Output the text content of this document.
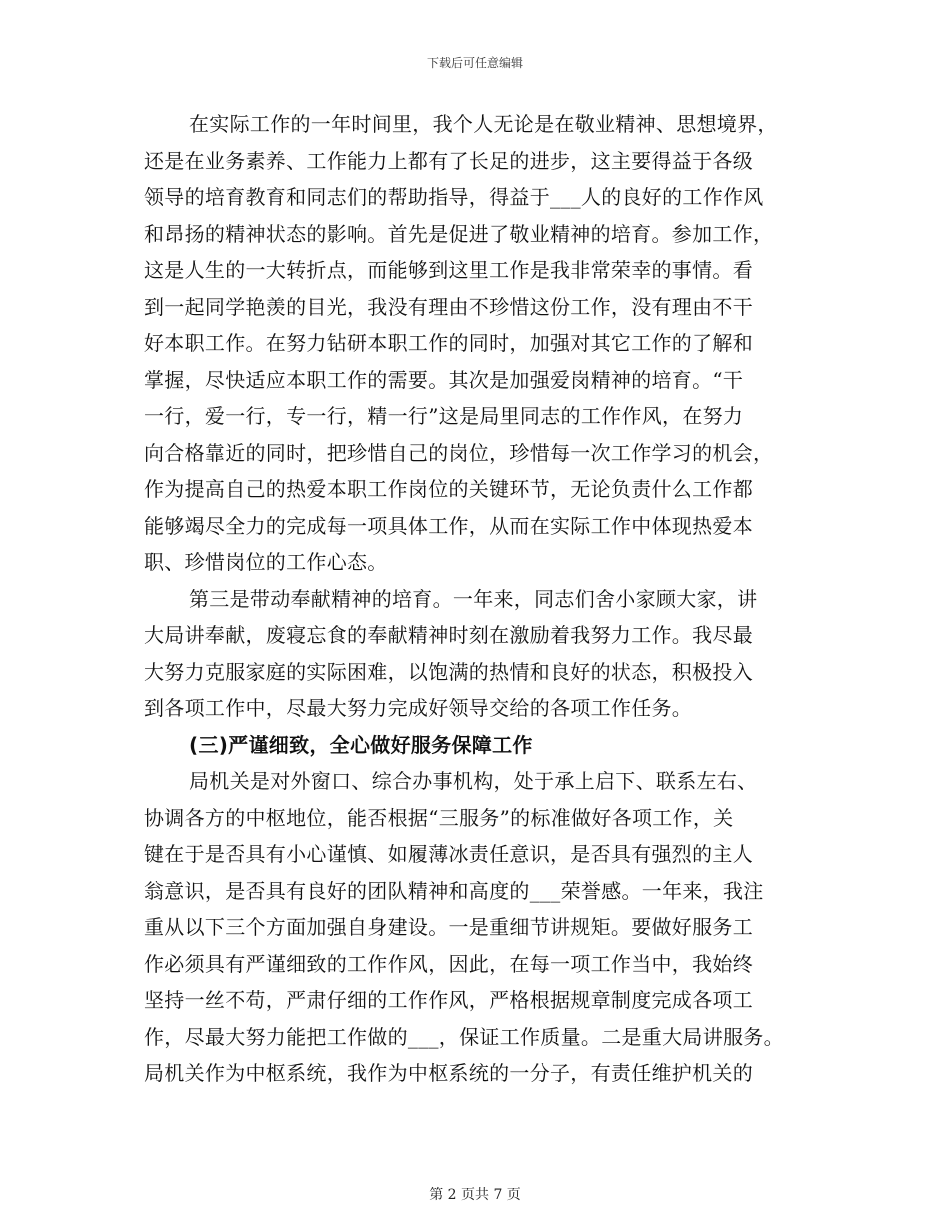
下载后可任意编辑
在实际工作的一年时间里，我个人无论是在敬业精神、思想境界，
还是在业务素养、工作能力上都有了长足的进步，这主要得益于各级
领导的培育教育和同志们的帮助指导，得益于___人的良好的工作作风
和昂扬的精神状态的影响。首先是促进了敬业精神的培育。参加工作，
这是人生的一大转折点，而能够到这里工作是我非常荣幸的事情。看
到一起同学艳羡的目光，我没有理由不珍惜这份工作，没有理由不干
好本职工作。在努力钻研本职工作的同时，加强对其它工作的了解和
掌握，尽快适应本职工作的需要。其次是加强爱岗精神的培育。“干
一行，爱一行，专一行，精一行”这是局里同志的工作作风，在努力
向合格靠近的同时，把珍惜自己的岗位，珍惜每一次工作学习的机会，
作为提高自己的热爱本职工作岗位的关键环节，无论负责什么工作都
能够竭尽全力的完成每一项具体工作，从而在实际工作中体现热爱本
职、珍惜岗位的工作心态。
第三是带动奉献精神的培育。一年来，同志们舍小家顾大家，讲
大局讲奉献，废寝忘食的奉献精神时刻在激励着我努力工作。我尽最
大努力克服家庭的实际困难，以饱满的热情和良好的状态，积极投入
到各项工作中，尽最大努力完成好领导交给的各项工作任务。
(三)严谨细致，全心做好服务保障工作
局机关是对外窗口、综合办事机构，处于承上启下、联系左右、
协调各方的中枢地位，能否根据“三服务”的标准做好各项工作，关
键在于是否具有小心谨慎、如履薄冰责任意识，是否具有强烈的主人
翁意识，是否具有良好的团队精神和高度的___荣誉感。一年来，我注
重从以下三个方面加强自身建设。一是重细节讲规矩。要做好服务工
作必须具有严谨细致的工作作风，因此，在每一项工作当中，我始终
坚持一丝不苟，严肃仔细的工作作风，严格根据规章制度完成各项工
作，尽最大努力能把工作做的___，保证工作质量。二是重大局讲服务。
局机关作为中枢系统，我作为中枢系统的一分子，有责任维护机关的
第 2 页共 7 页
